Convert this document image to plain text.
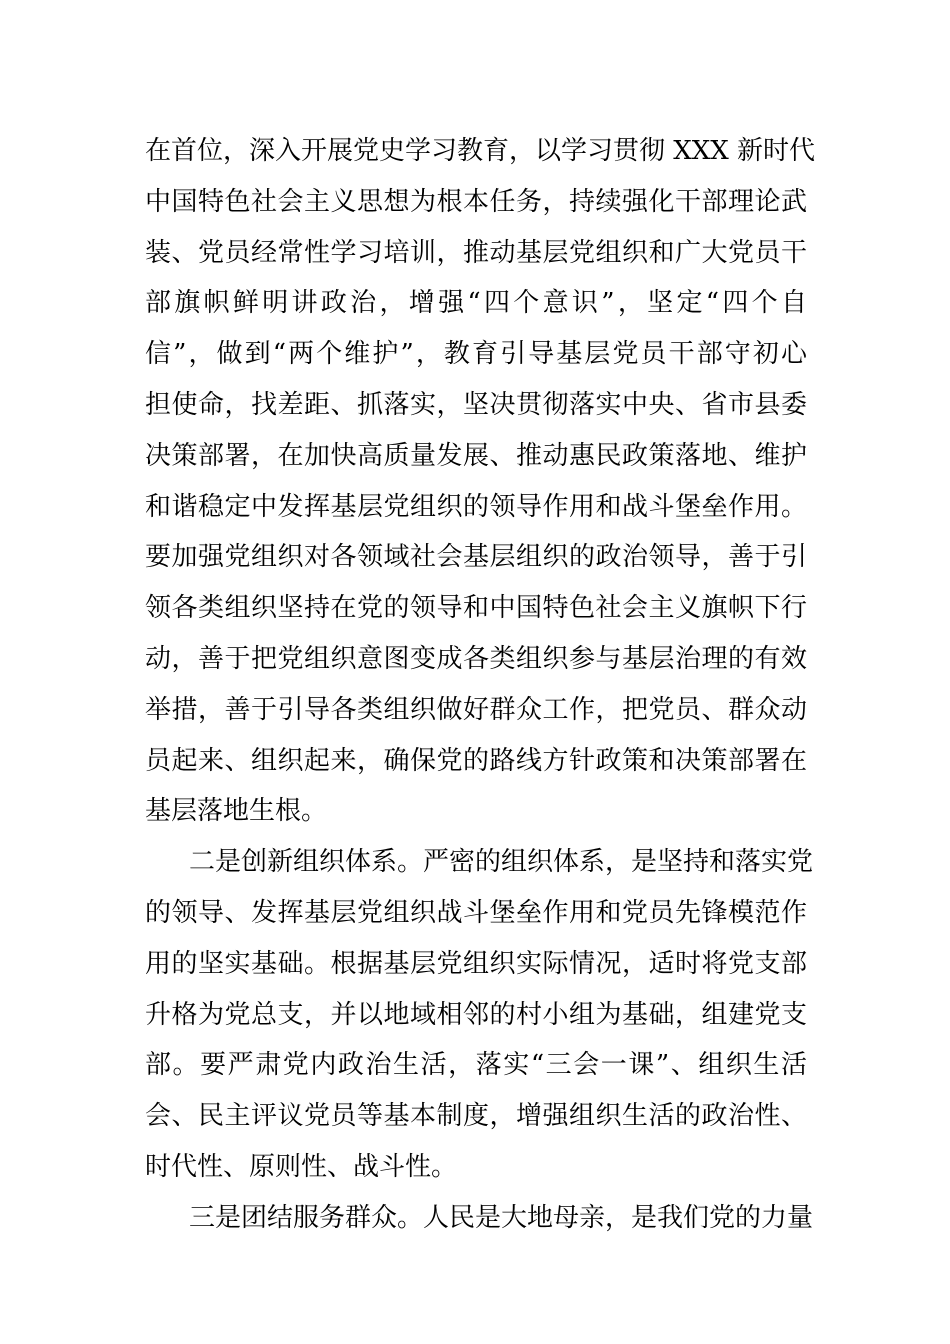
在首位，深入开展党史学习教育，以学习贯彻 XXX 新时代
中国特色社会主义思想为根本任务，持续强化干部理论武
装、党员经常性学习培训，推动基层党组织和广大党员干
部旗帜鲜明讲政治，增强“四个意识”，坚定“四个自
信”，做到“两个维护”，教育引导基层党员干部守初心
担使命，找差距、抓落实，坚决贯彻落实中央、省市县委
决策部署，在加快高质量发展、推动惠民政策落地、维护
和谐稳定中发挥基层党组织的领导作用和战斗堡垒作用。
要加强党组织对各领域社会基层组织的政治领导，善于引
领各类组织坚持在党的领导和中国特色社会主义旗帜下行
动，善于把党组织意图变成各类组织参与基层治理的有效
举措，善于引导各类组织做好群众工作，把党员、群众动
员起来、组织起来，确保党的路线方针政策和决策部署在
基层落地生根。
二是创新组织体系。严密的组织体系，是坚持和落实党
的领导、发挥基层党组织战斗堡垒作用和党员先锋模范作
用的坚实基础。根据基层党组织实际情况，适时将党支部
升格为党总支，并以地域相邻的村小组为基础，组建党支
部。要严肃党内政治生活，落实“三会一课”、组织生活
会、民主评议党员等基本制度，增强组织生活的政治性、
时代性、原则性、战斗性。
三是团结服务群众。人民是大地母亲，是我们党的力量
